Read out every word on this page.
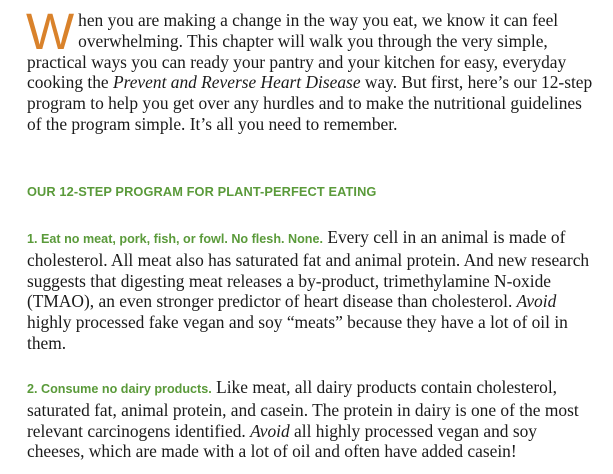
When you are making a change in the way you eat, we know it can feel overwhelming. This chapter will walk you through the very simple, practical ways you can ready your pantry and your kitchen for easy, everyday cooking the Prevent and Reverse Heart Disease way. But first, here’s our 12-step program to help you get over any hurdles and to make the nutritional guidelines of the program simple. It’s all you need to remember.

OUR 12-STEP PROGRAM FOR PLANT-PERFECT EATING

1. Eat no meat, pork, fish, or fowl. No flesh. None. Every cell in an animal is made of cholesterol. All meat also has saturated fat and animal protein. And new research suggests that digesting meat releases a by-product, trimethylamine N-oxide (TMAO), an even stronger predictor of heart disease than cholesterol. Avoid highly processed fake vegan and soy “meats” because they have a lot of oil in them.

2. Consume no dairy products. Like meat, all dairy products contain cholesterol, saturated fat, animal protein, and casein. The protein in dairy is one of the most relevant carcinogens identified. Avoid all highly processed vegan and soy cheeses, which are made with a lot of oil and often have added casein!
